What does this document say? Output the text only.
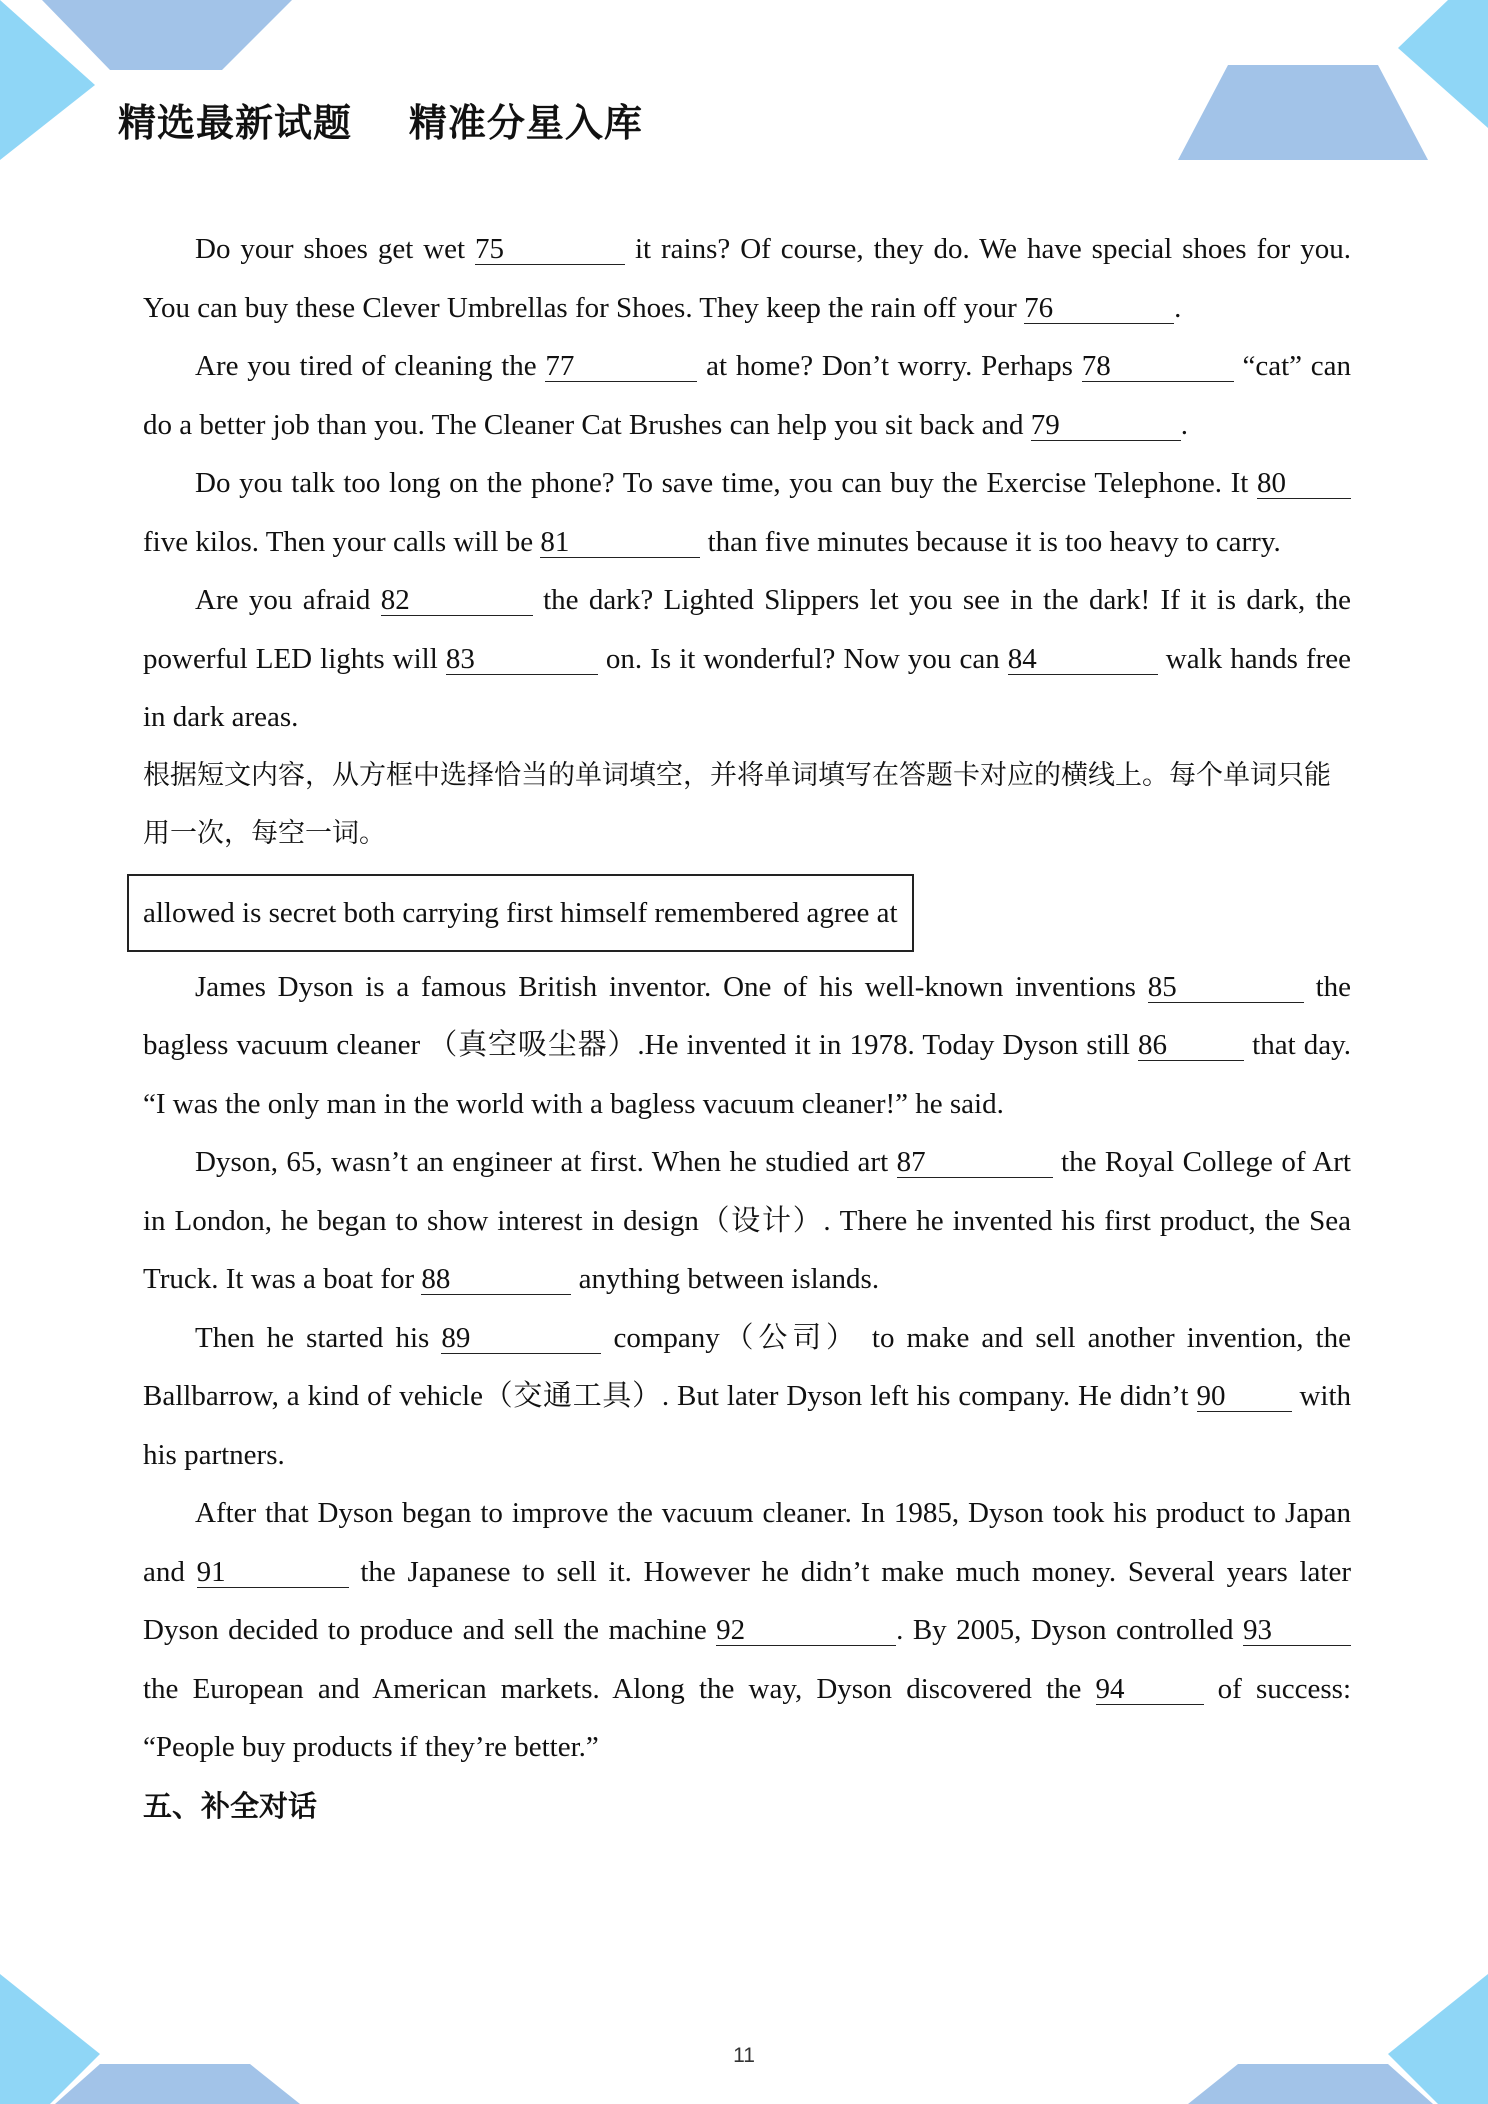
精选最新试题    精准分星入库

Do your shoes get wet 75	it rains? Of course, they do. We have special shoes for you. You can buy these Clever Umbrellas for Shoes. They keep the rain off your 76	.

Are you tired of cleaning the 77	at home? Don’t worry. Perhaps 78	“cat” can do a better job than you. The Cleaner Cat Brushes can help you sit back and 79	.

Do you talk too long on the phone? To save time, you can buy the Exercise Telephone. It 80 five kilos. Then your calls will be 81	than five minutes because it is too heavy to carry.

Are you afraid 82	the dark? Lighted Slippers let you see in the dark! If it is dark, the powerful LED lights will 83	on. Is it wonderful? Now you can 84	walk hands free in dark areas.

根据短文内容，从方框中选择恰当的单词填空，并将单词填写在答题卡对应的横线上。每个单词只能用一次，每空一词。

allowed is secret both carrying first himself remembered agree at

James Dyson is a famous British inventor. One of his well-known inventions 85	the bagless vacuum cleaner （真空吸尘器）.He invented it in 1978. Today Dyson still 86	that day. “I was the only man in the world with a bagless vacuum cleaner!” he said.

Dyson, 65, wasn’t an engineer at first. When he studied art 87	the Royal College of Art in London, he began to show interest in design（设计）. There he invented his first product, the Sea Truck. It was a boat for 88	anything between islands.

Then he started his 89	company（公司） to make and sell another invention, the Ballbarrow, a kind of vehicle（交通工具）. But later Dyson left his company. He didn’t 90 with his partners.

After that Dyson began to improve the vacuum cleaner. In 1985, Dyson took his product to Japan and 91	the Japanese to sell it. However he didn’t make much money. Several years later Dyson decided to produce and sell the machine 92	. By 2005, Dyson controlled 93 the European and American markets. Along the way, Dyson discovered the 94	of success: “People buy products if they’re better.”

五、补全对话

11
